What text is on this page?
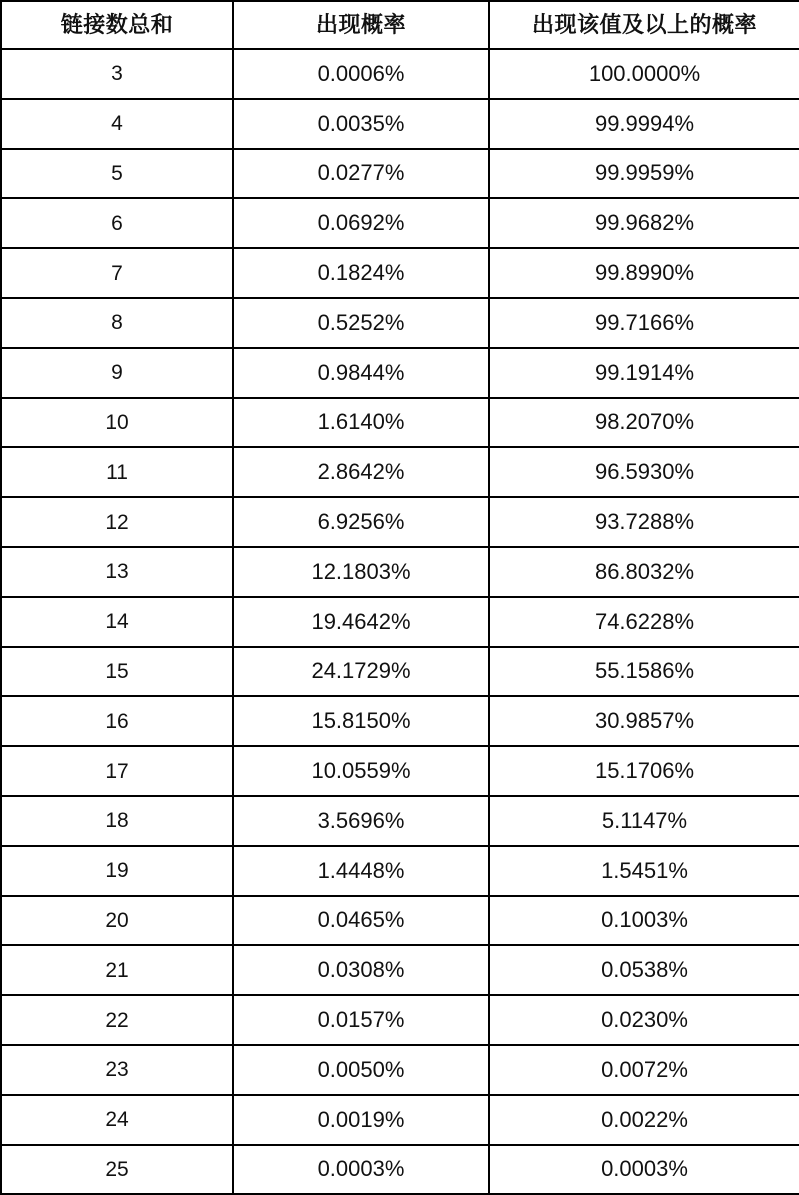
链接数总和	出现概率	出现该值及以上的概率
3	0.0006%	100.0000%
4	0.0035%	99.9994%
5	0.0277%	99.9959%
6	0.0692%	99.9682%
7	0.1824%	99.8990%
8	0.5252%	99.7166%
9	0.9844%	99.1914%
10	1.6140%	98.2070%
11	2.8642%	96.5930%
12	6.9256%	93.7288%
13	12.1803%	86.8032%
14	19.4642%	74.6228%
15	24.1729%	55.1586%
16	15.8150%	30.9857%
17	10.0559%	15.1706%
18	3.5696%	5.1147%
19	1.4448%	1.5451%
20	0.0465%	0.1003%
21	0.0308%	0.0538%
22	0.0157%	0.0230%
23	0.0050%	0.0072%
24	0.0019%	0.0022%
25	0.0003%	0.0003%
